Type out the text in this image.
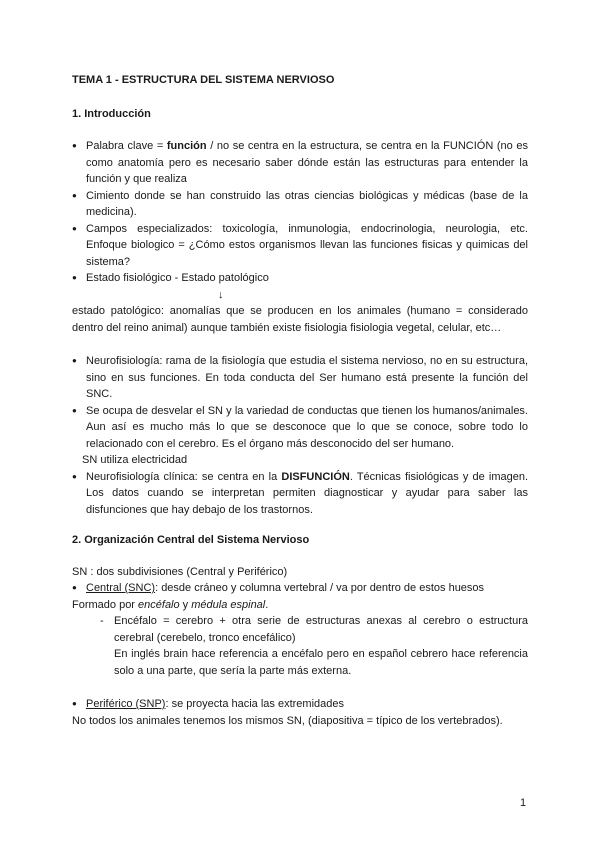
TEMA 1 - ESTRUCTURA DEL SISTEMA NERVIOSO
1. Introducción
● Palabra clave = función / no se centra en la estructura, se centra en la FUNCIÓN (no es como anatomía pero es necesario saber dónde están las estructuras para entender la función y que realiza
● Cimiento donde se han construido las otras ciencias biológicas y médicas (base de la medicina).
● Campos especializados: toxicología, inmunologia, endocrinologia, neurologia, etc. Enfoque biologico = ¿Cómo estos organismos llevan las funciones fisicas y quimicas del sistema?
● Estado fisiológico - Estado patológico
↓
estado patológico: anomalías que se producen en los animales (humano = considerado dentro del reino animal) aunque también existe fisiologia fisiologia vegetal, celular, etc…
● Neurofisiología: rama de la fisiología que estudia el sistema nervioso, no en su estructura, sino en sus funciones. En toda conducta del Ser humano está presente la función del SNC.
● Se ocupa de desvelar el SN y la variedad de conductas que tienen los humanos/animales. Aun así es mucho más lo que se desconoce que lo que se conoce, sobre todo lo relacionado con el cerebro. Es el órgano más desconocido del ser humano.
SN utiliza electricidad
● Neurofisiología clínica: se centra en la DISFUNCIÓN. Técnicas fisiológicas y de imagen. Los datos cuando se interpretan permiten diagnosticar y ayudar para saber las disfunciones que hay debajo de los trastornos.
2. Organización Central del Sistema Nervioso
SN : dos subdivisiones (Central y Periférico)
● Central (SNC): desde cráneo y columna vertebral / va por dentro de estos huesos
Formado por encéfalo y médula espinal.
- Encéfalo = cerebro + otra serie de estructuras anexas al cerebro o estructura cerebral (cerebelo, tronco encefálico)
En inglés brain hace referencia a encéfalo pero en español cebrero hace referencia solo a una parte, que sería la parte más externa.
● Periférico (SNP): se proyecta hacia las extremidades
No todos los animales tenemos los mismos SN, (diapositiva = típico de los vertebrados).
1
